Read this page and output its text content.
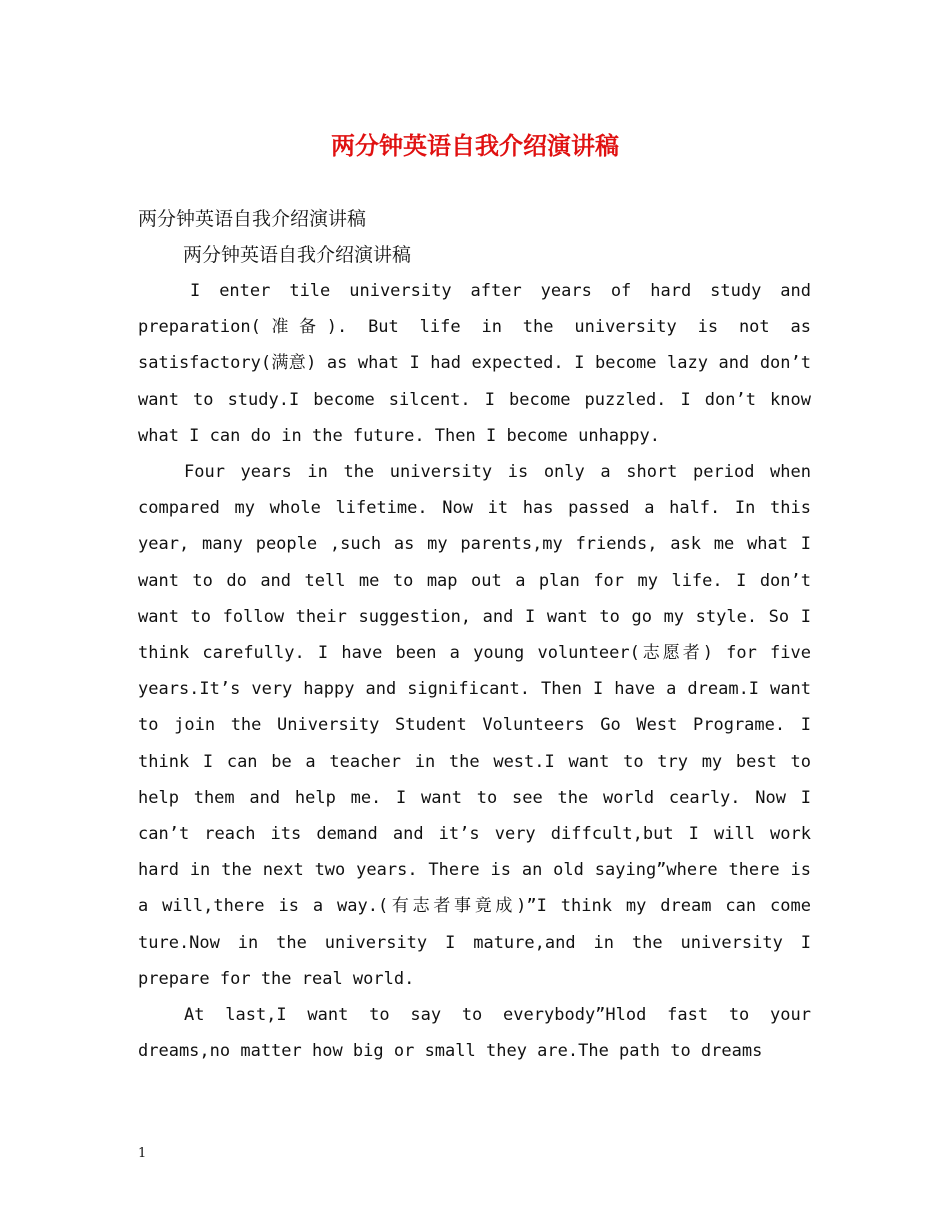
两分钟英语自我介绍演讲稿
两分钟英语自我介绍演讲稿
两分钟英语自我介绍演讲稿

I enter tile university after years of hard study and preparation(准备). But life in the university is not as satisfactory(满意) as what I had expected. I become lazy and don’t want to study.I become silcent. I become puzzled. I don’t know what I can do in the future. Then I become unhappy.

Four years in the university is only a short period when compared my whole lifetime. Now it has passed a half. In this year, many people ,such as my parents,my friends, ask me what I want to do and tell me to map out a plan for my life. I don’t want to follow their suggestion, and I want to go my style. So I think carefully. I have been a young volunteer(志愿者) for five years.It’s very happy and significant. Then I have a dream.I want to join the University Student Volunteers Go West Programe. I think I can be a teacher in the west.I want to try my best to help them and help me. I want to see the world cearly. Now I can’t reach its demand and it’s very diffcult,but I will work hard in the next two years. There is an old saying”where there is a will,there is a way.(有志者事竟成)”I think my dream can come ture.Now in the university I mature,and in the university I prepare for the real world.

At last,I want to say to everybody”Hlod fast to your dreams,no matter how big or small they are.The path to dreams

1
